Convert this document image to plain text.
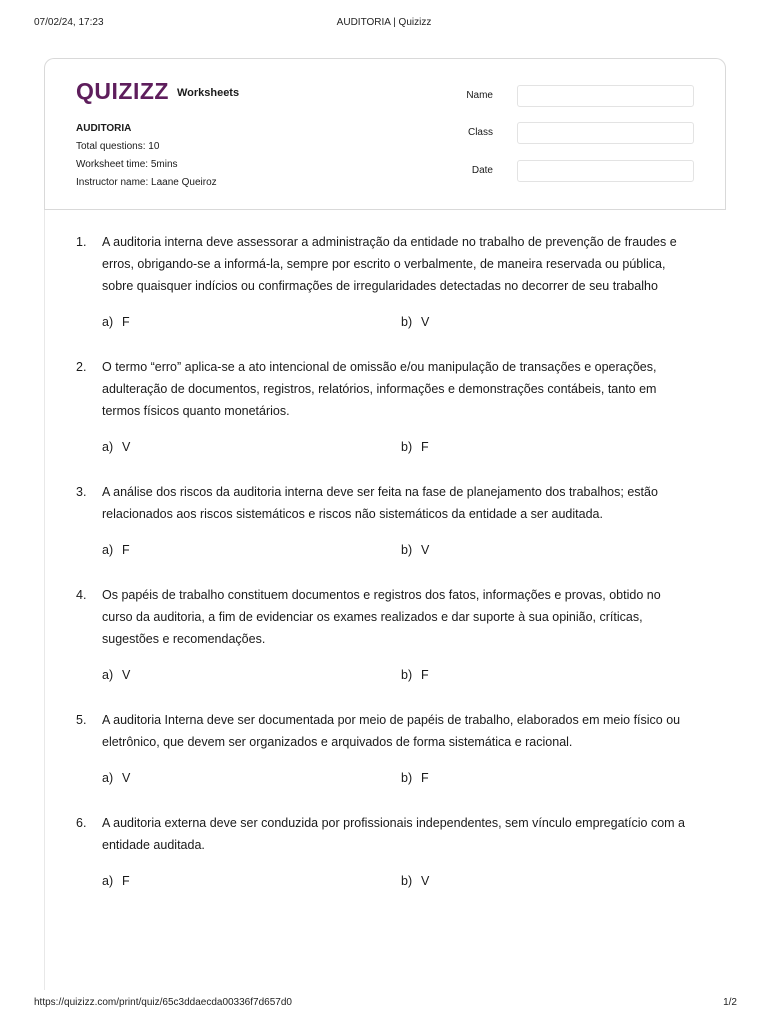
07/02/24, 17:23	AUDITORIA | Quizizz
QUIZIZZ Worksheets
AUDITORIA
Total questions: 10
Worksheet time: 5mins
Instructor name: Laane Queiroz
Name
Class
Date
1. A auditoria interna deve assessorar a administração da entidade no trabalho de prevenção de fraudes e erros, obrigando-se a informá-la, sempre por escrito o verbalmente, de maneira reservada ou pública, sobre quaisquer indícios ou confirmações de irregularidades detectadas no decorrer de seu trabalho
a) F	b) V
2. O termo “erro” aplica-se a ato intencional de omissão e/ou manipulação de transações e operações, adulteração de documentos, registros, relatórios, informações e demonstrações contábeis, tanto em termos físicos quanto monetários.
a) V	b) F
3. A análise dos riscos da auditoria interna deve ser feita na fase de planejamento dos trabalhos; estão relacionados aos riscos sistemáticos e riscos não sistemáticos da entidade a ser auditada.
a) F	b) V
4. Os papéis de trabalho constituem documentos e registros dos fatos, informações e provas, obtido no curso da auditoria, a fim de evidenciar os exames realizados e dar suporte à sua opinião, críticas, sugestões e recomendações.
a) V	b) F
5. A auditoria Interna deve ser documentada por meio de papéis de trabalho, elaborados em meio físico ou eletrônico, que devem ser organizados e arquivados de forma sistemática e racional.
a) V	b) F
6. A auditoria externa deve ser conduzida por profissionais independentes, sem vínculo empregatício com a entidade auditada.
a) F	b) V
https://quizizz.com/print/quiz/65c3ddaecda00336f7d657d0	1/2
